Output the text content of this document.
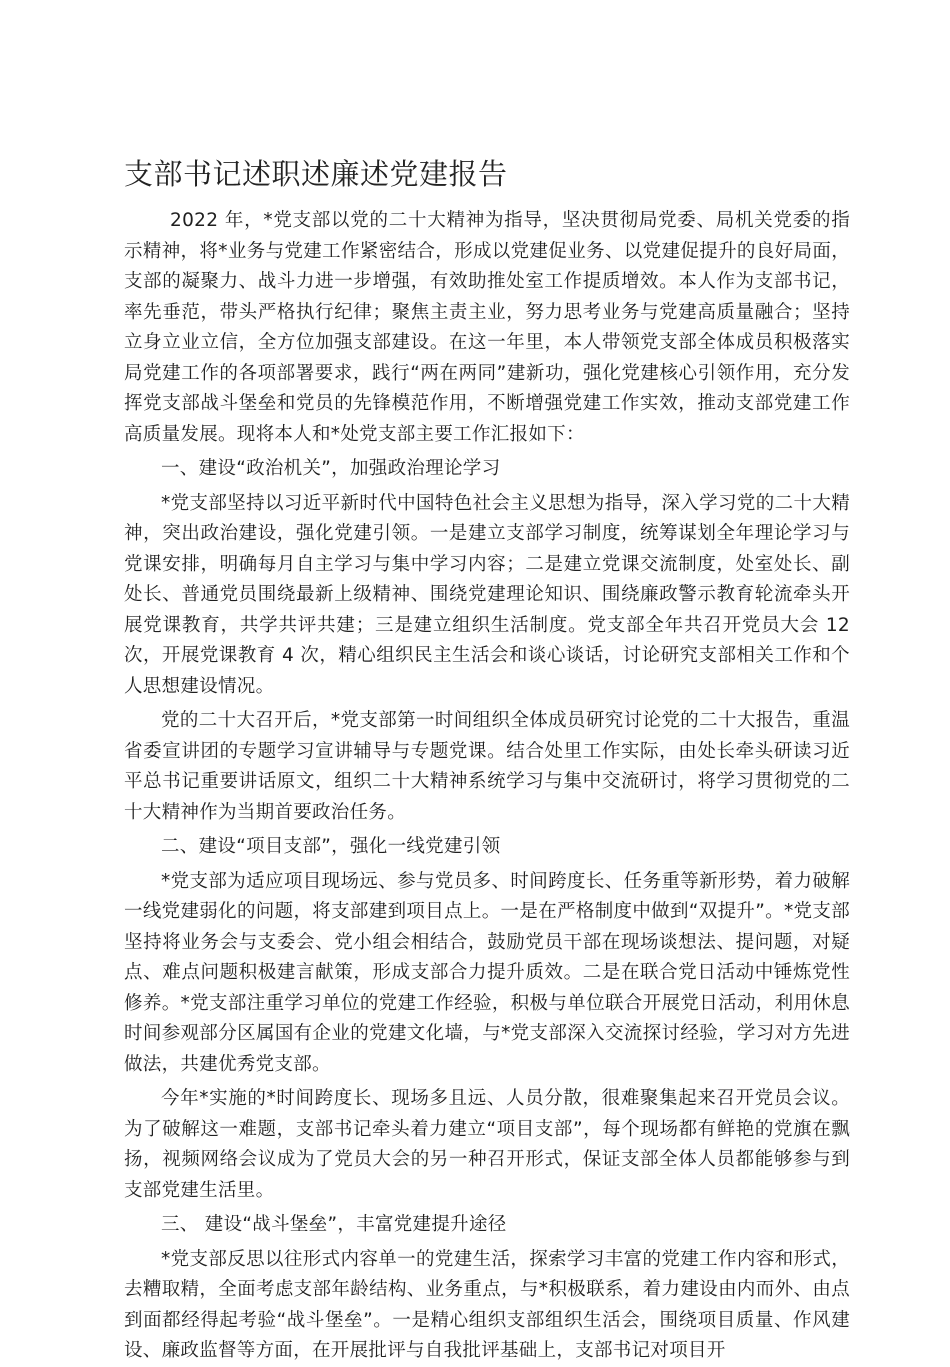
支部书记述职述廉述党建报告

2022 年，*党支部以党的二十大精神为指导，坚决贯彻局党委、局机关党委的指示精神，将*业务与党建工作紧密结合，形成以党建促业务、以党建促提升的良好局面，支部的凝聚力、战斗力进一步增强，有效助推处室工作提质增效。本人作为支部书记，率先垂范，带头严格执行纪律；聚焦主责主业，努力思考业务与党建高质量融合；坚持立身立业立信，全方位加强支部建设。在这一年里，本人带领党支部全体成员积极落实局党建工作的各项部署要求，践行“两在两同”建新功，强化党建核心引领作用，充分发挥党支部战斗堡垒和党员的先锋模范作用，不断增强党建工作实效，推动支部党建工作高质量发展。现将本人和*处党支部主要工作汇报如下：

一、建设“政治机关”，加强政治理论学习

*党支部坚持以习近平新时代中国特色社会主义思想为指导，深入学习党的二十大精神，突出政治建设，强化党建引领。一是建立支部学习制度，统筹谋划全年理论学习与党课安排，明确每月自主学习与集中学习内容；二是建立党课交流制度，处室处长、副处长、普通党员围绕最新上级精神、围绕党建理论知识、围绕廉政警示教育轮流牵头开展党课教育，共学共评共建；三是建立组织生活制度。党支部全年共召开党员大会 12 次，开展党课教育 4 次，精心组织民主生活会和谈心谈话，讨论研究支部相关工作和个人思想建设情况。

党的二十大召开后，*党支部第一时间组织全体成员研究讨论党的二十大报告，重温省委宣讲团的专题学习宣讲辅导与专题党课。结合处里工作实际，由处长牵头研读习近平总书记重要讲话原文，组织二十大精神系统学习与集中交流研讨，将学习贯彻党的二十大精神作为当期首要政治任务。

二、建设“项目支部”，强化一线党建引领

*党支部为适应项目现场远、参与党员多、时间跨度长、任务重等新形势，着力破解一线党建弱化的问题，将支部建到项目点上。一是在严格制度中做到“双提升”。*党支部坚持将业务会与支委会、党小组会相结合，鼓励党员干部在现场谈想法、提问题，对疑点、难点问题积极建言献策，形成支部合力提升质效。二是在联合党日活动中锤炼党性修养。*党支部注重学习单位的党建工作经验，积极与单位联合开展党日活动，利用休息时间参观部分区属国有企业的党建文化墙，与*党支部深入交流探讨经验，学习对方先进做法，共建优秀党支部。

今年*实施的*时间跨度长、现场多且远、人员分散，很难聚集起来召开党员会议。为了破解这一难题，支部书记牵头着力建立“项目支部”，每个现场都有鲜艳的党旗在飘扬，视频网络会议成为了党员大会的另一种召开形式，保证支部全体人员都能够参与到支部党建生活里。

三、 建设“战斗堡垒”，丰富党建提升途径

*党支部反思以往形式内容单一的党建生活，探索学习丰富的党建工作内容和形式，去糟取精，全面考虑支部年龄结构、业务重点，与*积极联系，着力建设由内而外、由点到面都经得起考验“战斗堡垒”。一是精心组织支部组织生活会，围绕项目质量、作风建设、廉政监督等方面，在开展批评与自我批评基础上，支部书记对项目开
